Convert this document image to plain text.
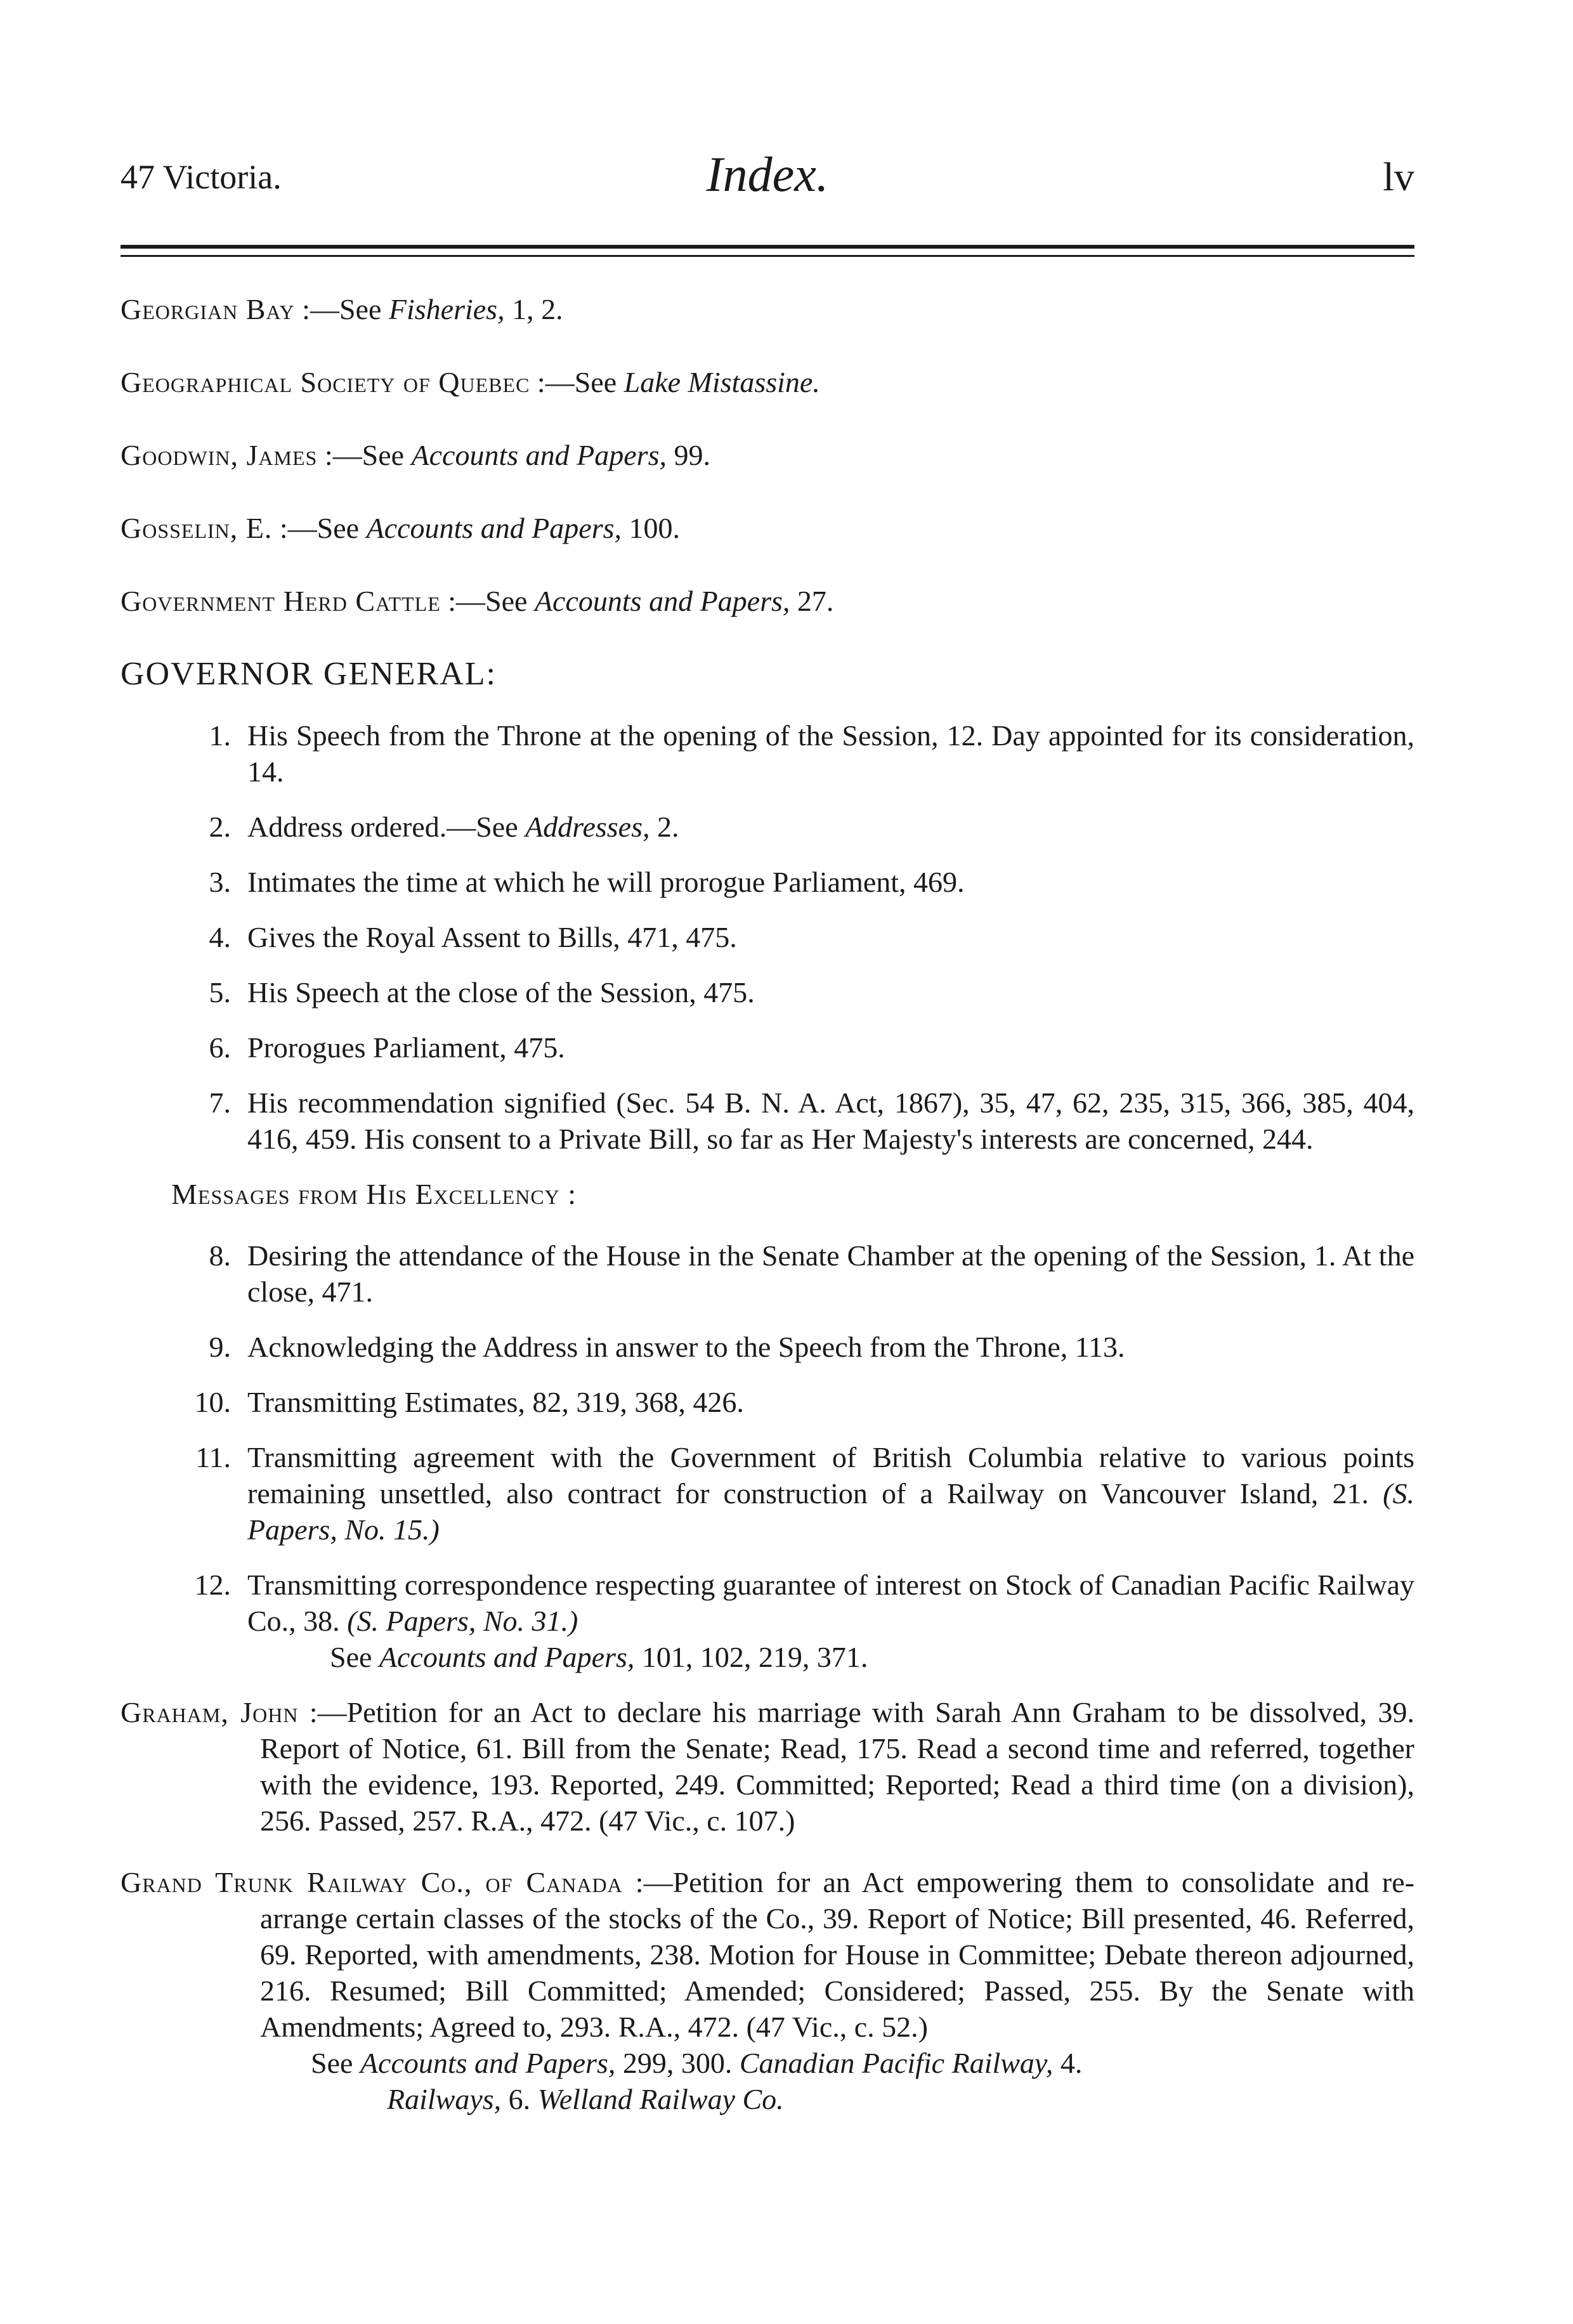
47 Victoria.	Index.	lv
Georgian Bay :—See Fisheries, 1, 2.
Geographical Society of Quebec :—See Lake Mistassine.
Goodwin, James :—See Accounts and Papers, 99.
Gosselin, E. :—See Accounts and Papers, 100.
Government Herd Cattle :—See Accounts and Papers, 27.
GOVERNOR GENERAL:
1. His Speech from the Throne at the opening of the Session, 12. Day appointed for its consideration, 14.
2. Address ordered.—See Addresses, 2.
3. Intimates the time at which he will prorogue Parliament, 469.
4. Gives the Royal Assent to Bills, 471, 475.
5. His Speech at the close of the Session, 475.
6. Prorogues Parliament, 475.
7. His recommendation signified (Sec. 54 B. N. A. Act, 1867), 35, 47, 62, 235, 315, 366, 385, 404, 416, 459. His consent to a Private Bill, so far as Her Majesty's interests are concerned, 244.
Messages from His Excellency :
8. Desiring the attendance of the House in the Senate Chamber at the opening of the Session, 1. At the close, 471.
9. Acknowledging the Address in answer to the Speech from the Throne, 113.
10. Transmitting Estimates, 82, 319, 368, 426.
11. Transmitting agreement with the Government of British Columbia relative to various points remaining unsettled, also contract for construction of a Railway on Vancouver Island, 21. (S. Papers, No. 15.)
12. Transmitting correspondence respecting guarantee of interest on Stock of Canadian Pacific Railway Co., 38. (S. Papers, No. 31.)
See Accounts and Papers, 101, 102, 219, 371.
Graham, John :—Petition for an Act to declare his marriage with Sarah Ann Graham to be dissolved, 39. Report of Notice, 61. Bill from the Senate; Read, 175. Read a second time and referred, together with the evidence, 193. Reported, 249. Committed; Reported; Read a third time (on a division), 256. Passed, 257. R.A., 472. (47 Vic., c. 107.)
Grand Trunk Railway Co., of Canada :—Petition for an Act empowering them to consolidate and re-arrange certain classes of the stocks of the Co., 39. Report of Notice; Bill presented, 46. Referred, 69. Reported, with amendments, 238. Motion for House in Committee; Debate thereon adjourned, 216. Resumed; Bill Committed; Amended; Considered; Passed, 255. By the Senate with Amendments; Agreed to, 293. R.A., 472. (47 Vic., c. 52.)
See Accounts and Papers, 299, 300. Canadian Pacific Railway, 4.
Railways, 6. Welland Railway Co.
